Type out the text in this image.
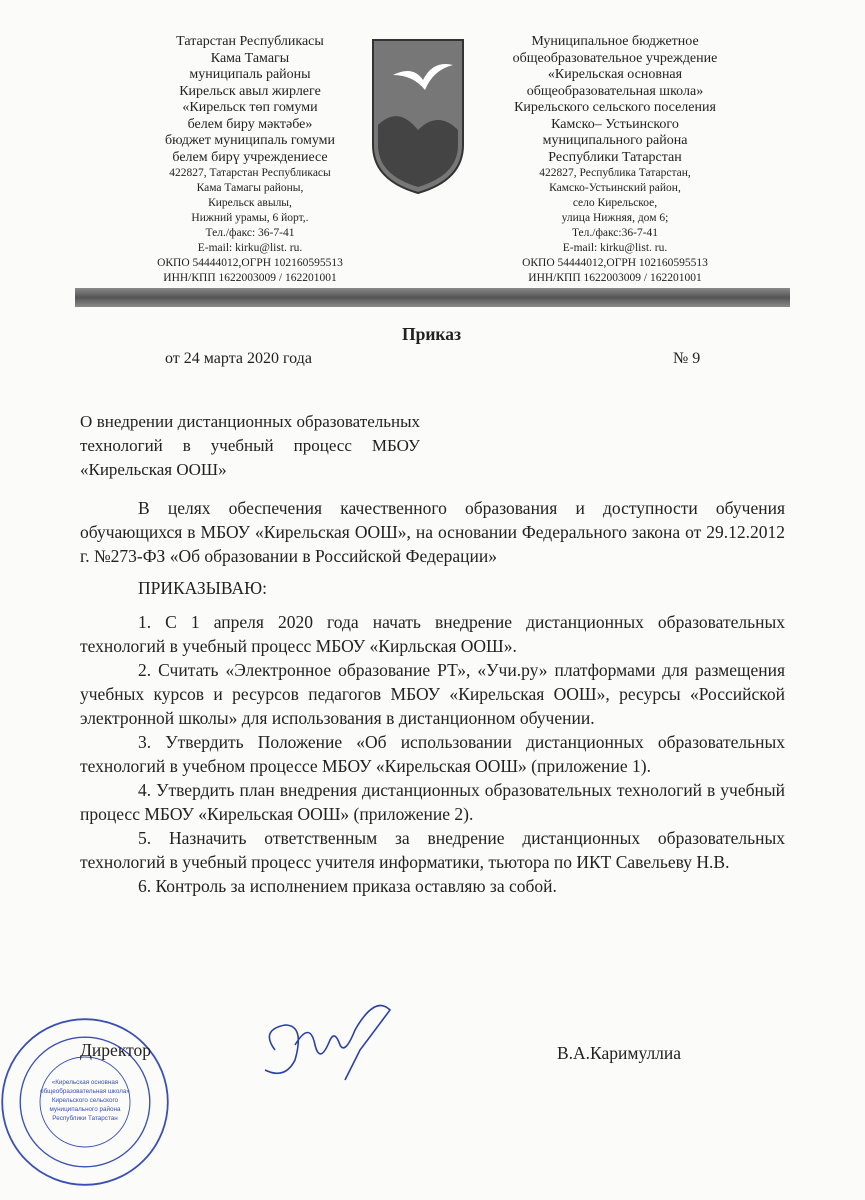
Татарстан Республикасы
Кама Тамагы
муниципаль районы
Кирельск авыл жирлеге
«Кирельск төп гомуми
белем биру мәктәбе»
бюджет муниципаль гомуми
белем бирү учреждениесе
422827, Татарстан Республикасы
Кама Тамагы районы,
Кирельск авылы,
Нижний урамы, 6 йорт,.
Тел./факс: 36-7-41
E-mail: kirku@list. ru.
ОКПО 54444012,ОГРН 102160595513
ИНН/КПП 1622003009 / 162201001
Муниципальное бюджетное
общеобразовательное учреждение
«Кирельская основная
общеобразовательная школа»
Кирельского сельского поселения
Камско– Устьинского
муниципального района
Республики Татарстан
422827, Республика Татарстан,
Камско-Устьинский район,
село Кирельское,
улица Нижняя, дом 6;
Тел./факс:36-7-41
E-mail: kirku@list. ru.
ОКПО 54444012,ОГРН 102160595513
ИНН/КПП 1622003009 / 162201001
Приказ
от 24 марта 2020 года	№ 9

О внедрении дистанционных образовательных технологий в учебный процесс МБОУ «Кирельская ООШ»

В целях обеспечения качественного образования и доступности обучения обучающихся в МБОУ «Кирельская ООШ», на основании Федерального закона от 29.12.2012 г. №273-ФЗ «Об образовании в Российской Федерации»

ПРИКАЗЫВАЮ:

1. С 1 апреля 2020 года начать внедрение дистанционных образовательных технологий в учебный процесс МБОУ «Кирльская ООШ».

2. Считать «Электронное образование РТ», «Учи.ру» платформами для размещения учебных курсов и ресурсов педагогов МБОУ «Кирельская ООШ», ресурсы «Российской электронной школы» для использования в дистанционном обучении.

3. Утвердить Положение «Об использовании дистанционных образовательных технологий в учебном процессе МБОУ «Кирельская ООШ» (приложение 1).

4. Утвердить план внедрения дистанционных образовательных технологий в учебный процесс МБОУ «Кирельская ООШ» (приложение 2).

5. Назначить ответственным за внедрение дистанционных образовательных технологий в учебный процесс учителя информатики, тьютора по ИКТ Савельеву Н.В.

6. Контроль за исполнением приказа оставляю за собой.

«Кирельская основная
общеобразовательная школа»
Кирельского сельского
муниципального района
Республики Татарстан
Директор	В.А.Каримуллиа
